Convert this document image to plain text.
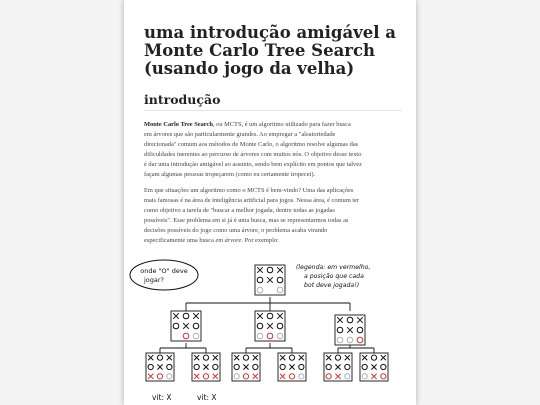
uma introdução amigável a
Monte Carlo Tree Search
(usando jogo da velha)
introdução

Monte Carlo Tree Search, ou MCTS, é um algoritmo utilizado para fazer busca
em árvores que são particularmente grandes. Ao empregar a "aleatoriedade
direcionada" comum aos métodos de Monte Carlo, o algoritmo resolve algumas das
dificuldades inerentes ao percurso de árvores com muitos nós. O objetivo desse texto
é dar uma introdução amigável ao assunto, sendo bem explícito em pontos que talvez
façam algumas pessoas tropeçarem (como eu certamente tropecei).

Em que situações um algoritmo como o MCTS é bem-vindo? Uma das aplicações
mais famosas é na área de inteligência artificial para jogos. Nessa área, é comum ter
como objetivo a tarefa de "buscar a melhor jogada, dentre todas as jogadas
possíveis". Esse problema em si já é uma busca, mas se representarmos todas as
decisões possíveis do jogo como uma árvore, o problema acaba virando
especificamente uma busca em árvore. Por exemplo:

onde "O" deve
jogar?
(legenda: em vermelho,
a posição que cada
bot deve jogada!)
vit: X	vit: X
